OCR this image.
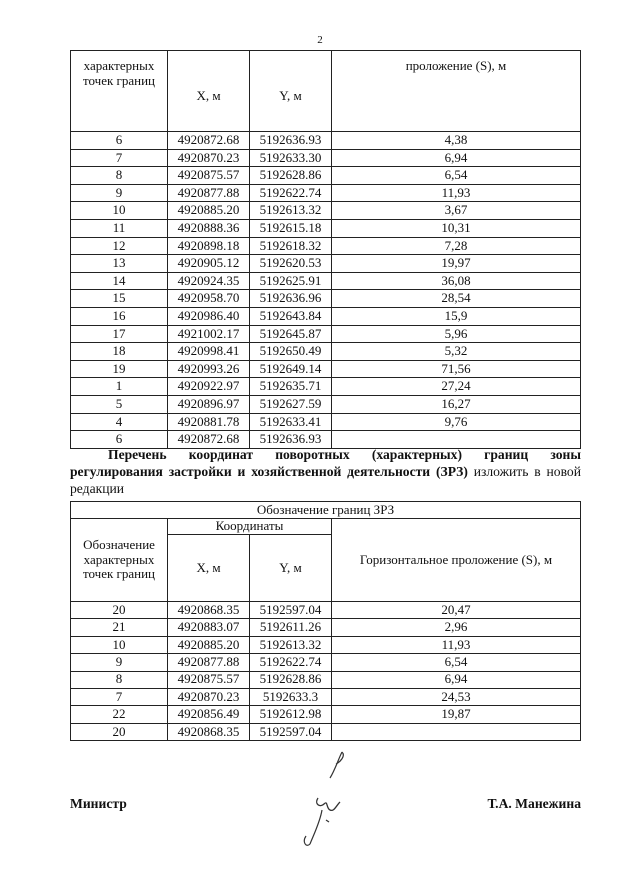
2
характерных точек границ	X, м	Y, м	проложение (S), м
6	4920872.68	5192636.93	4,38
7	4920870.23	5192633.30	6,94
8	4920875.57	5192628.86	6,54
9	4920877.88	5192622.74	11,93
10	4920885.20	5192613.32	3,67
11	4920888.36	5192615.18	10,31
12	4920898.18	5192618.32	7,28
13	4920905.12	5192620.53	19,97
14	4920924.35	5192625.91	36,08
15	4920958.70	5192636.96	28,54
16	4920986.40	5192643.84	15,9
17	4921002.17	5192645.87	5,96
18	4920998.41	5192650.49	5,32
19	4920993.26	5192649.14	71,56
1	4920922.97	5192635.71	27,24
5	4920896.97	5192627.59	16,27
4	4920881.78	5192633.41	9,76
6	4920872.68	5192636.93	
Перечень координат поворотных (характерных) границ зоны регулирования застройки и хозяйственной деятельности (ЗРЗ) изложить в новой редакции
Обозначение границ ЗРЗ			
Обозначение характерных точек границ	Координаты		Горизонтальное проложение (S), м
	X, м	Y, м	
20	4920868.35	5192597.04	20,47
21	4920883.07	5192611.26	2,96
10	4920885.20	5192613.32	11,93
9	4920877.88	5192622.74	6,54
8	4920875.57	5192628.86	6,94
7	4920870.23	5192633.3	24,53
22	4920856.49	5192612.98	19,87
20	4920868.35	5192597.04	
Министр	Т.А. Манежина
